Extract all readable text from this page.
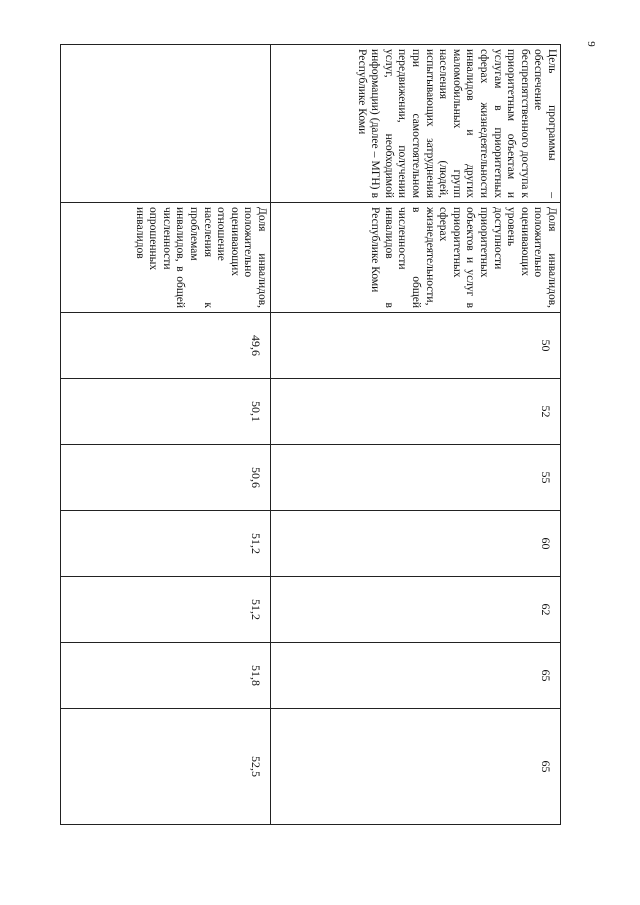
9
Цель программы – обеспечение беспрепятственного доступа к приоритетным объектам и услугам в приоритетных сферах жизнедеятельности инвалидов и других маломобильных групп населения (людей, испытывающих затруднения при самостоятельном передвижении, получении услуг, необходимой информации) (далее – МГН) в Республике Коми	Доля инвалидов, положительно оценивающих уровень доступности приоритетных объектов и услуг в приоритетных сферах жизнедеятельности, в общей численности инвалидов в Республике Коми	50	52	55	60	62	65	65
	Доля инвалидов, положительно оценивающих отношение населения к проблемам инвалидов, в общей численности опрошенных инвалидов	49,6	50,1	50,6	51,2	51,2	51,8	52,5
